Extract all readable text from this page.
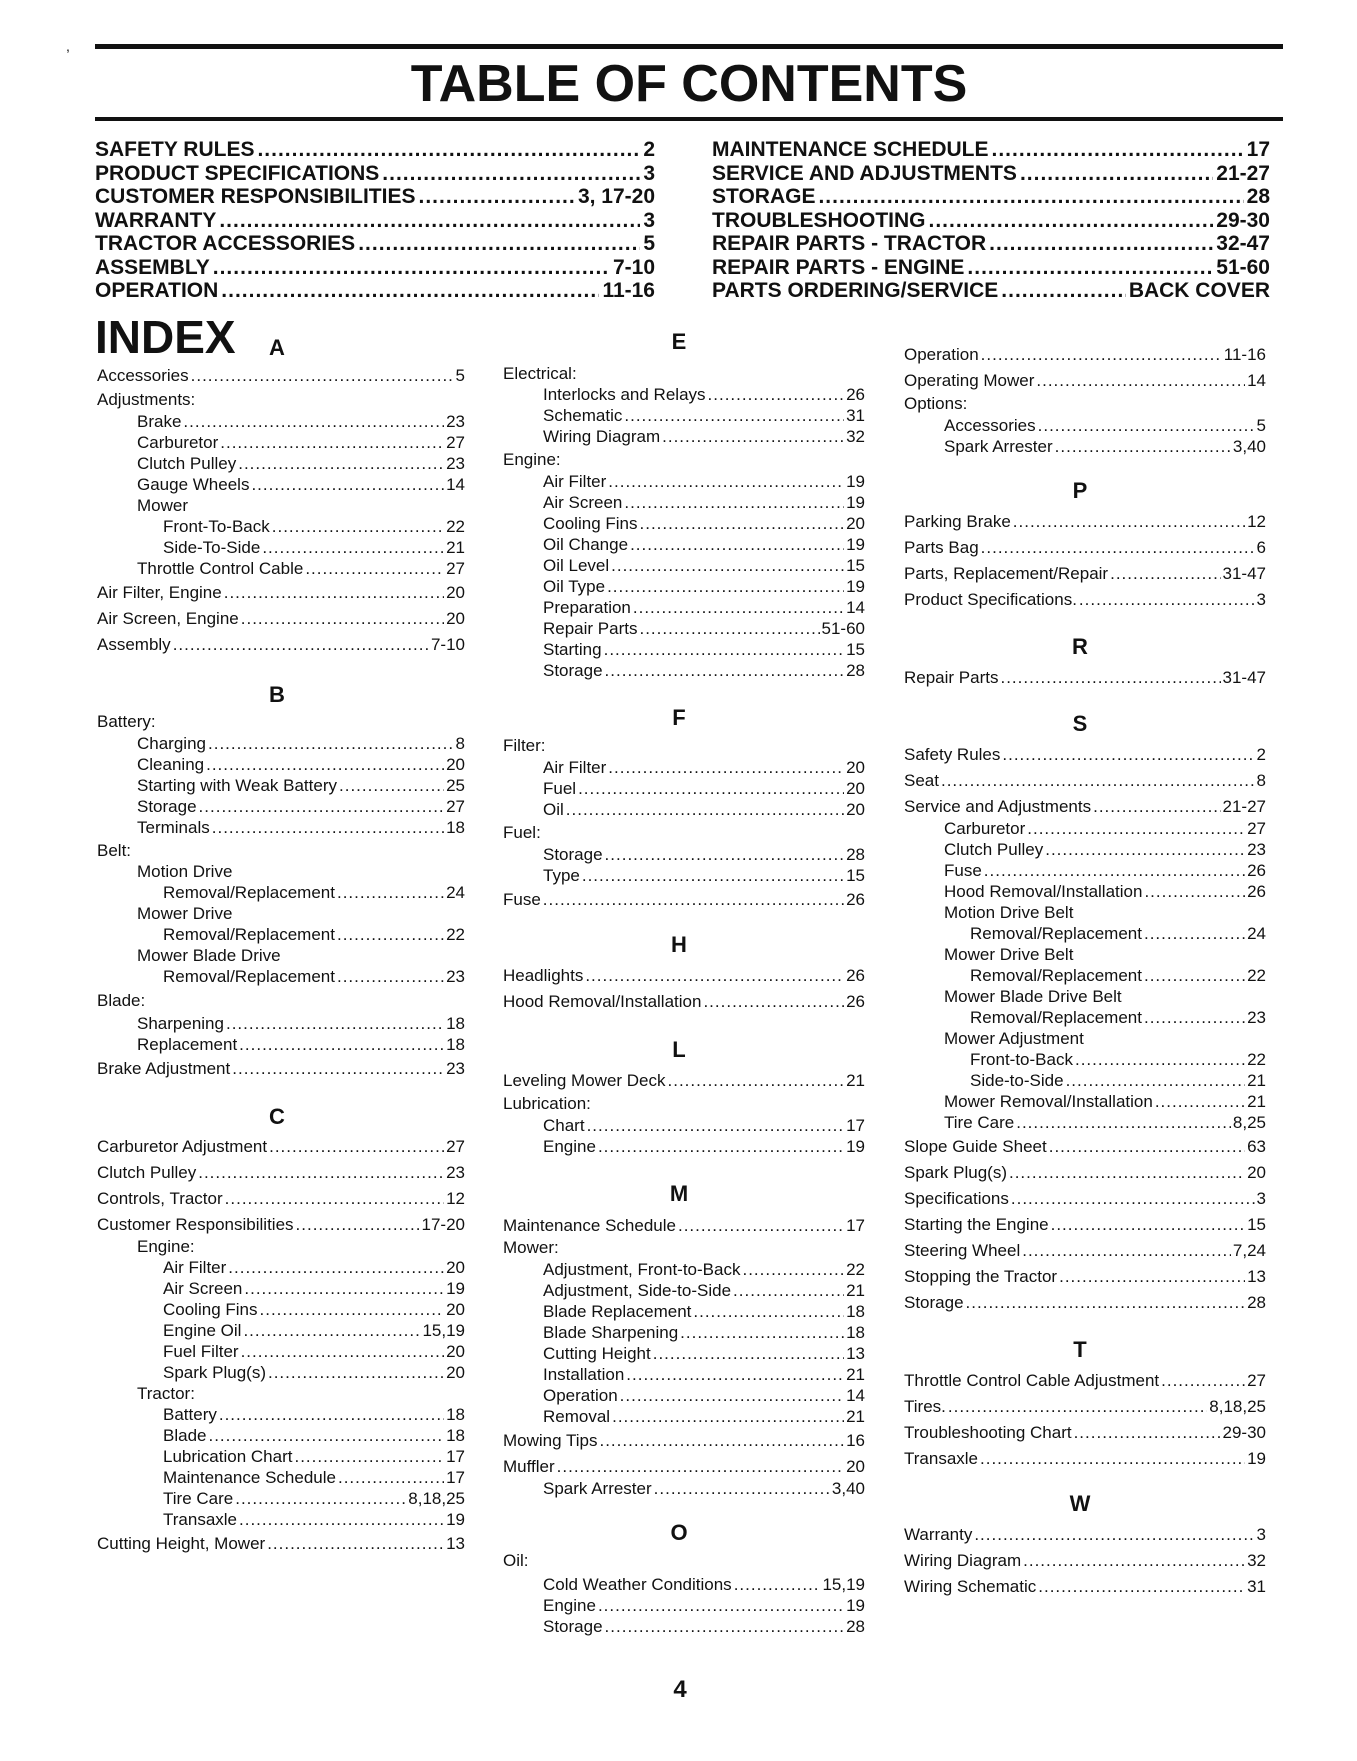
,
TABLE OF CONTENTS
SAFETY RULES .....	2
PRODUCT SPECIFICATIONS .....	3
CUSTOMER RESPONSIBILITIES .....	3, 17-20
WARRANTY .....	3
TRACTOR ACCESSORIES .....	5
ASSEMBLY .....	7-10
OPERATION .....	11-16
MAINTENANCE SCHEDULE .....	17
SERVICE AND ADJUSTMENTS .....	21-27
STORAGE .....	28
TROUBLESHOOTING .....	29-30
REPAIR PARTS - TRACTOR .....	32-47
REPAIR PARTS - ENGINE .....	51-60
PARTS ORDERING/SERVICE .....	BACK COVER
INDEX	A
Accessories .....	5
Adjustments:
Brake .....	23
Carburetor .....	27
Clutch Pulley .....	23
Gauge Wheels .....	14
Mower
Front-To-Back .....	22
Side-To-Side .....	21
Throttle Control Cable .....	27
Air Filter, Engine .....	20
Air Screen, Engine .....	20
Assembly .....	7-10
B
Battery:
Charging .....	8
Cleaning .....	20
Starting with Weak Battery .....	25
Storage .....	27
Terminals .....	18
Belt:
Motion Drive
Removal/Replacement .....	24
Mower Drive
Removal/Replacement .....	22
Mower Blade Drive
Removal/Replacement .....	23
Blade:
Sharpening .....	18
Replacement .....	18
Brake Adjustment .....	23
C
Carburetor Adjustment .....	27
Clutch Pulley .....	23
Controls, Tractor .....	12
Customer Responsibilities .....	17-20
Engine:
Air Filter .....	20
Air Screen .....	19
Cooling Fins .....	20
Engine Oil .....	15,19
Fuel Filter .....	20
Spark Plug(s) .....	20
Tractor:
Battery .....	18
Blade .....	18
Lubrication Chart .....	17
Maintenance Schedule .....	17
Tire Care .....	8,18,25
Transaxle .....	19
Cutting Height, Mower .....	13
E
Electrical:
Interlocks and Relays .....	26
Schematic .....	31
Wiring Diagram .....	32
Engine:
Air Filter .....	19
Air Screen .....	19
Cooling Fins .....	20
Oil Change .....	19
Oil Level .....	15
Oil Type .....	19
Preparation .....	14
Repair Parts .....	51-60
Starting .....	15
Storage .....	28
F
Filter:
Air Filter .....	20
Fuel .....	20
Oil .....	20
Fuel:
Storage .....	28
Type .....	15
Fuse .....	26
H
Headlights .....	26
Hood Removal/Installation .....	26
L
Leveling Mower Deck .....	21
Lubrication:
Chart .....	17
Engine .....	19
M
Maintenance Schedule .....	17
Mower:
Adjustment, Front-to-Back .....	22
Adjustment, Side-to-Side .....	21
Blade Replacement .....	18
Blade Sharpening .....	18
Cutting Height .....	13
Installation .....	21
Operation .....	14
Removal .....	21
Mowing Tips .....	16
Muffler .....	20
Spark Arrester .....	3,40
O
Oil:
Cold Weather Conditions .....	15,19
Engine .....	19
Storage .....	28
Operation .....	11-16
Operating Mower .....	14
Options:
Accessories .....	5
Spark Arrester .....	3,40
P
Parking Brake .....	12
Parts Bag .....	6
Parts, Replacement/Repair .....	31-47
Product Specifications. .....	3
R
Repair Parts .....	31-47
S
Safety Rules .....	2
Seat .....	8
Service and Adjustments .....	21-27
Carburetor .....	27
Clutch Pulley .....	23
Fuse .....	26
Hood Removal/Installation .....	26
Motion Drive Belt
Removal/Replacement .....	24
Mower Drive Belt
Removal/Replacement .....	22
Mower Blade Drive Belt
Removal/Replacement .....	23
Mower Adjustment
Front-to-Back .....	22
Side-to-Side .....	21
Mower Removal/Installation .....	21
Tire Care .....	8,25
Slope Guide Sheet .....	63
Spark Plug(s) .....	20
Specifications .....	3
Starting the Engine .....	15
Steering Wheel .....	7,24
Stopping the Tractor .....	13
Storage .....	28
T
Throttle Control Cable Adjustment .....	27
Tires. .....	8,18,25
Troubleshooting Chart .....	29-30
Transaxle .....	19
W
Warranty .....	3
Wiring Diagram .....	32
Wiring Schematic .....	31
4
